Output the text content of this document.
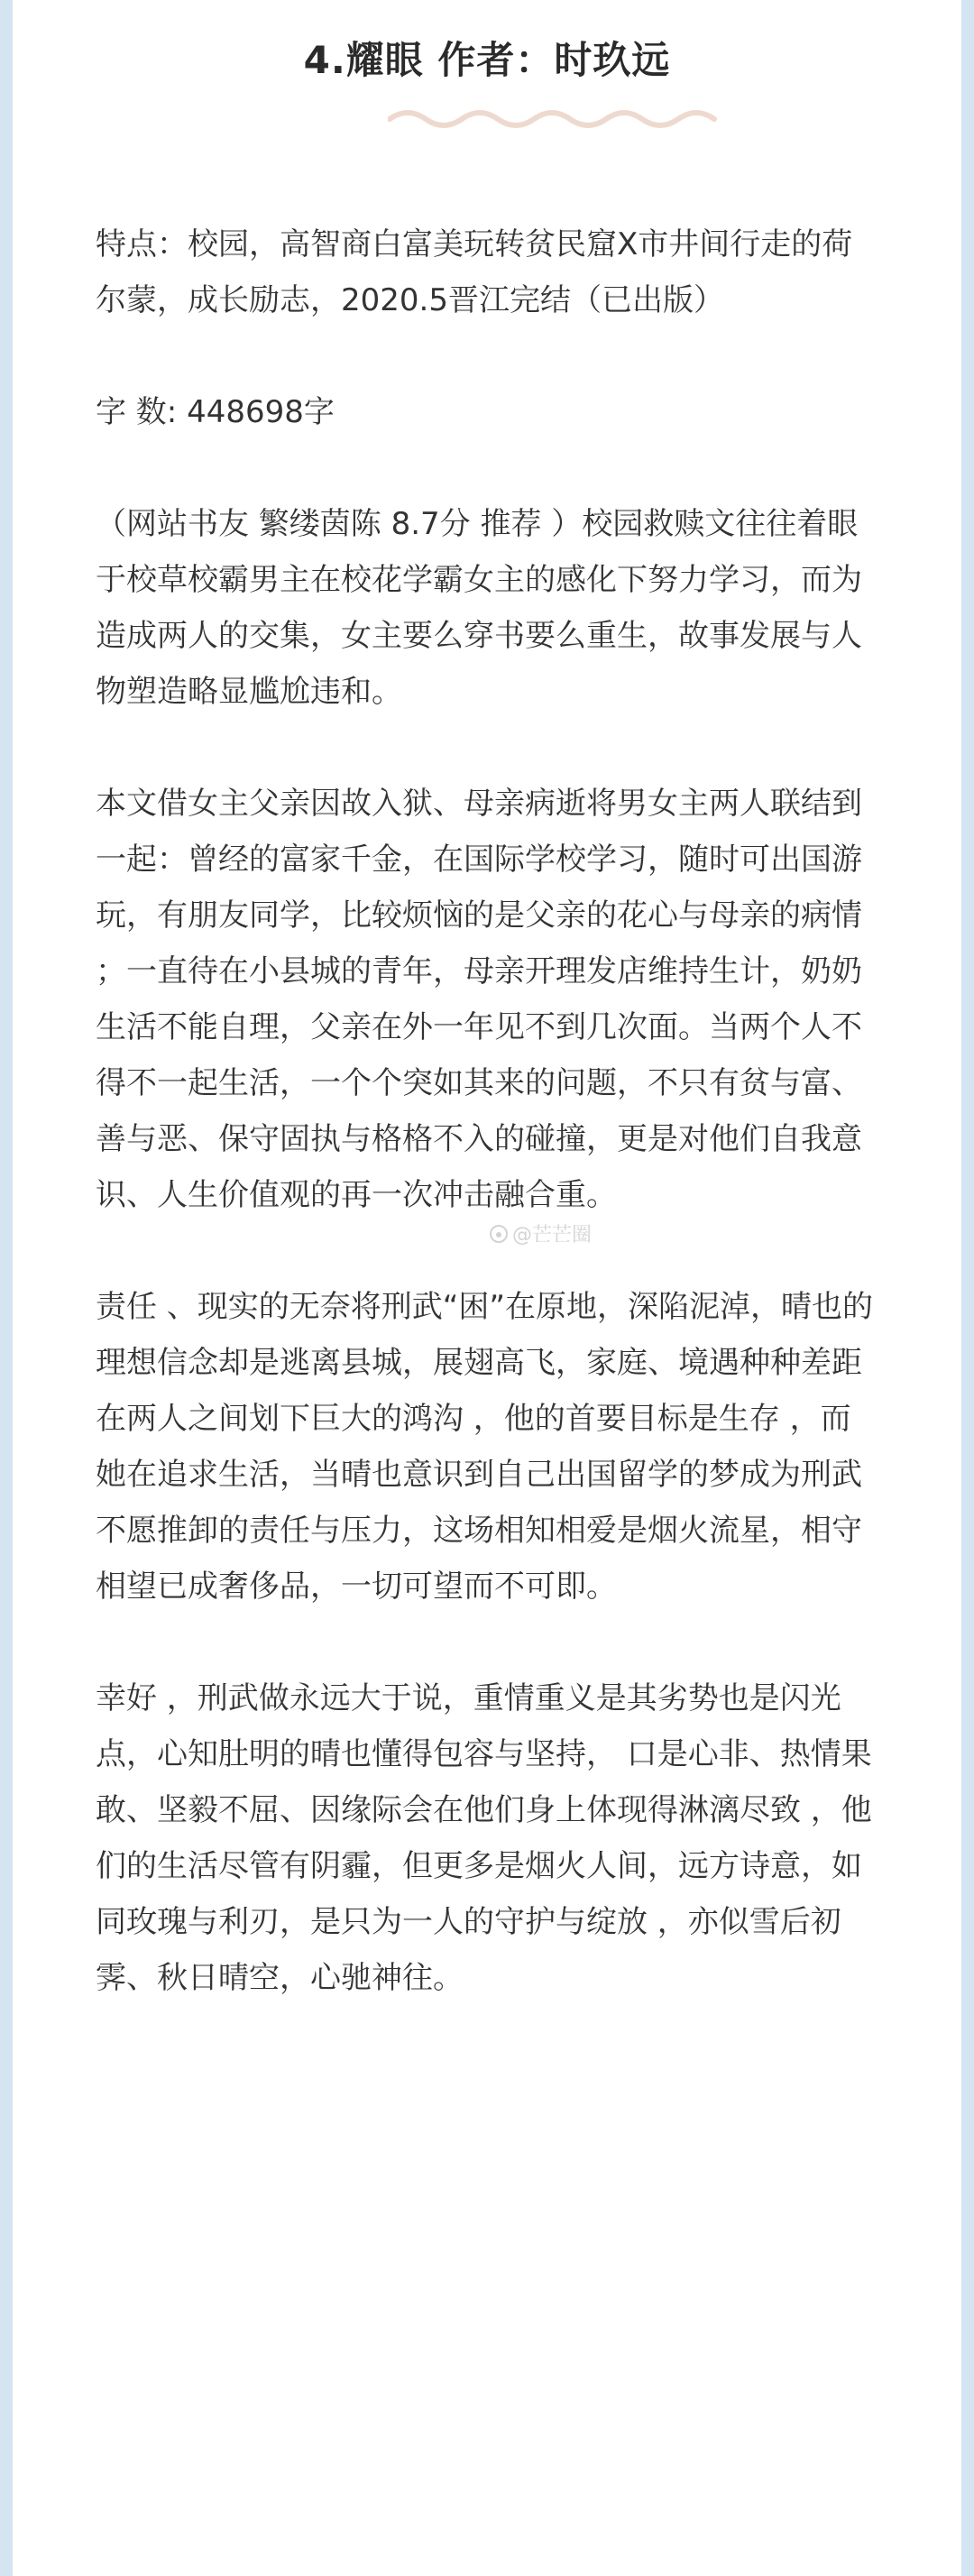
4.耀眼 作者：时玖远

特点：校园，高智商白富美玩转贫民窟X市井间行走的荷尔蒙，成长励志，2020.5晋江完结（已出版）

字 数: 448698字

（网站书友 繁缕茵陈 8.7分 推荐 ）校园救赎文往往着眼于校草校霸男主在校花学霸女主的感化下努力学习，而为造成两人的交集，女主要么穿书要么重生，故事发展与人物塑造略显尴尬违和。

本文借女主父亲因故入狱、母亲病逝将男女主两人联结到一起：曾经的富家千金，在国际学校学习，随时可出国游玩，有朋友同学，比较烦恼的是父亲的花心与母亲的病情 ；一直待在小县城的青年，母亲开理发店维持生计，奶奶生活不能自理，父亲在外一年见不到几次面。当两个人不得不一起生活，一个个突如其来的问题，不只有贫与富、善与恶、保守固执与格格不入的碰撞，更是对他们自我意识、人生价值观的再一次冲击融合重。

责任 、现实的无奈将刑武“困”在原地，深陷泥淖，晴也的理想信念却是逃离县城，展翅高飞，家庭、境遇种种差距在两人之间划下巨大的鸿沟 ，他的首要目标是生存 ，而她在追求生活，当晴也意识到自己出国留学的梦成为刑武不愿推卸的责任与压力，这场相知相爱是烟火流星，相守相望已成奢侈品，一切可望而不可即。

幸好 ，刑武做永远大于说，重情重义是其劣势也是闪光点，心知肚明的晴也懂得包容与坚持， 口是心非、热情果敢、坚毅不屈、因缘际会在他们身上体现得淋漓尽致 ，他们的生活尽管有阴霾，但更多是烟火人间，远方诗意，如同玫瑰与利刃，是只为一人的守护与绽放 ，亦似雪后初霁、秋日晴空，心驰神往。

@芒芒圈
